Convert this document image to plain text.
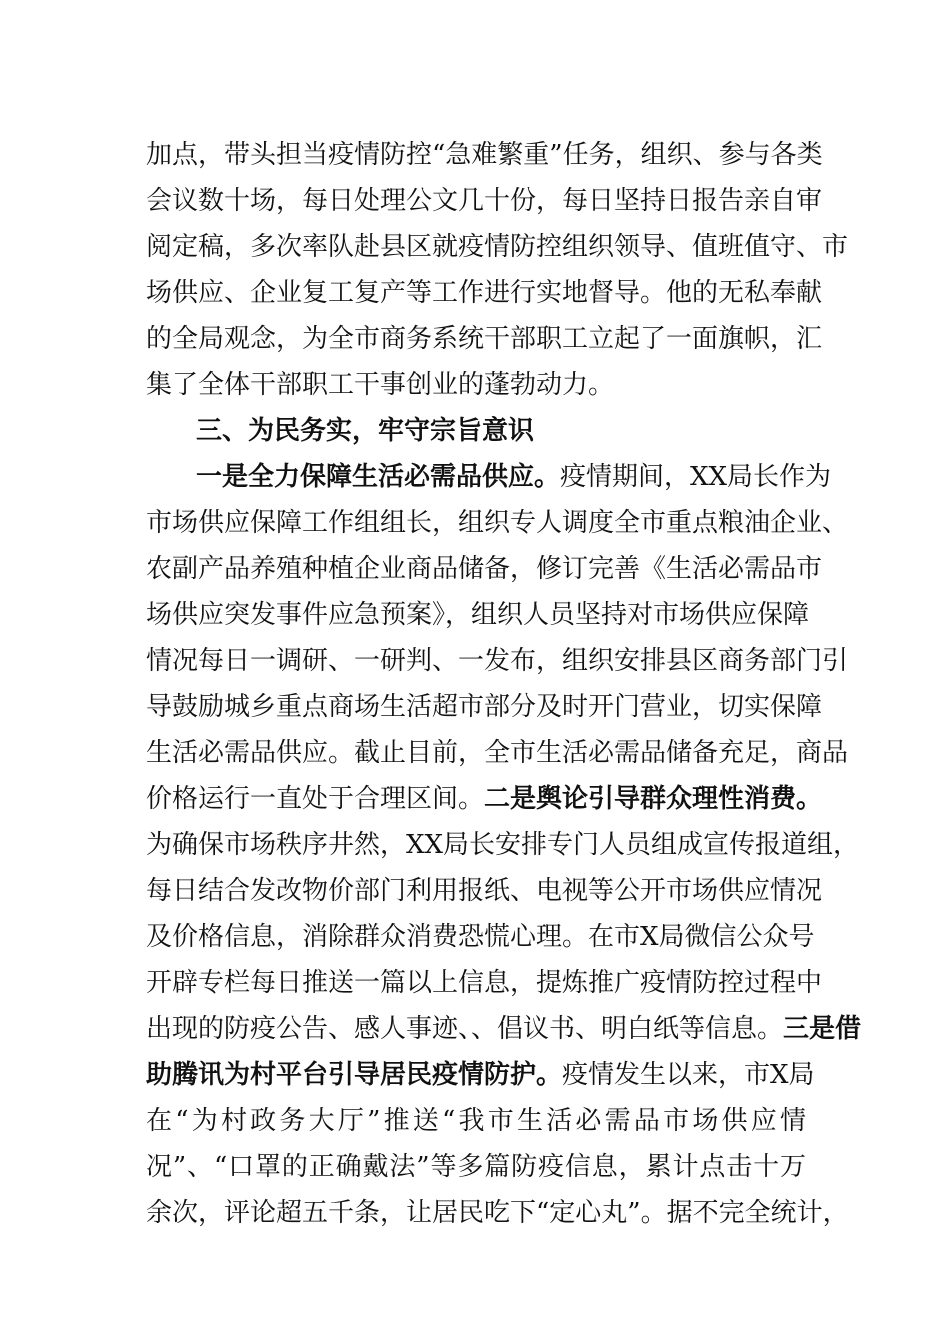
加点，带头担当疫情防控“急难繁重”任务，组织、参与各类
会议数十场，每日处理公文几十份，每日坚持日报告亲自审
阅定稿，多次率队赴县区就疫情防控组织领导、值班值守、市
场供应、企业复工复产等工作进行实地督导。他的无私奉献
的全局观念，为全市商务系统干部职工立起了一面旗帜，汇
集了全体干部职工干事创业的蓬勃动力。
三、为民务实，牢守宗旨意识
一是全力保障生活必需品供应。疫情期间，XX局长作为
市场供应保障工作组组长，组织专人调度全市重点粮油企业、
农副产品养殖种植企业商品储备，修订完善《生活必需品市
场供应突发事件应急预案》，组织人员坚持对市场供应保障
情况每日一调研、一研判、一发布，组织安排县区商务部门引
导鼓励城乡重点商场生活超市部分及时开门营业，切实保障
生活必需品供应。截止目前，全市生活必需品储备充足，商品
价格运行一直处于合理区间。二是舆论引导群众理性消费。
为确保市场秩序井然，XX局长安排专门人员组成宣传报道组，
每日结合发改物价部门利用报纸、电视等公开市场供应情况
及价格信息，消除群众消费恐慌心理。在市X局微信公众号
开辟专栏每日推送一篇以上信息，提炼推广疫情防控过程中
出现的防疫公告、感人事迹、、倡议书、明白纸等信息。三是借
助腾讯为村平台引导居民疫情防护。疫情发生以来，市X局
在“为村政务大厅”推送“我市生活必需品市场供应情
况”、“口罩的正确戴法”等多篇防疫信息，累计点击十万
余次，评论超五千条，让居民吃下“定心丸”。据不完全统计，
